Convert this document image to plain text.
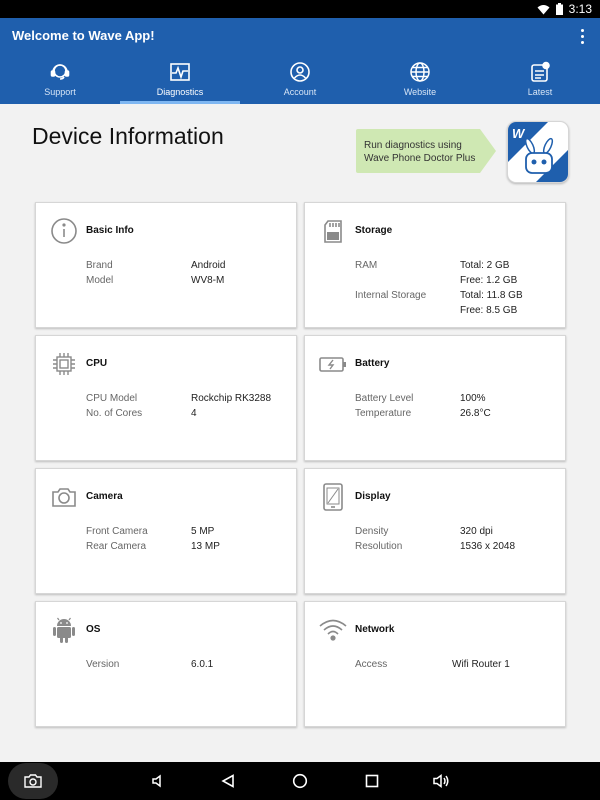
3:13
Welcome to Wave App!
Support	Diagnostics	Account	Website	Latest
Device Information	Run diagnostics using
Wave Phone Doctor Plus
W
Basic Info
Brand	Android
Model	WV8-M
Storage
RAM	Total: 2 GB
Free: 1.2 GB
Internal Storage	Total: 11.8 GB
Free: 8.5 GB
CPU
CPU Model	Rockchip RK3288
No. of Cores	4
Battery
Battery Level	100%
Temperature	26.8°C
Camera
Front Camera	5 MP
Rear Camera	13 MP
Display
Density	320 dpi
Resolution	1536 x 2048
OS
Version	6.0.1
Network
Access	Wifi Router 1
